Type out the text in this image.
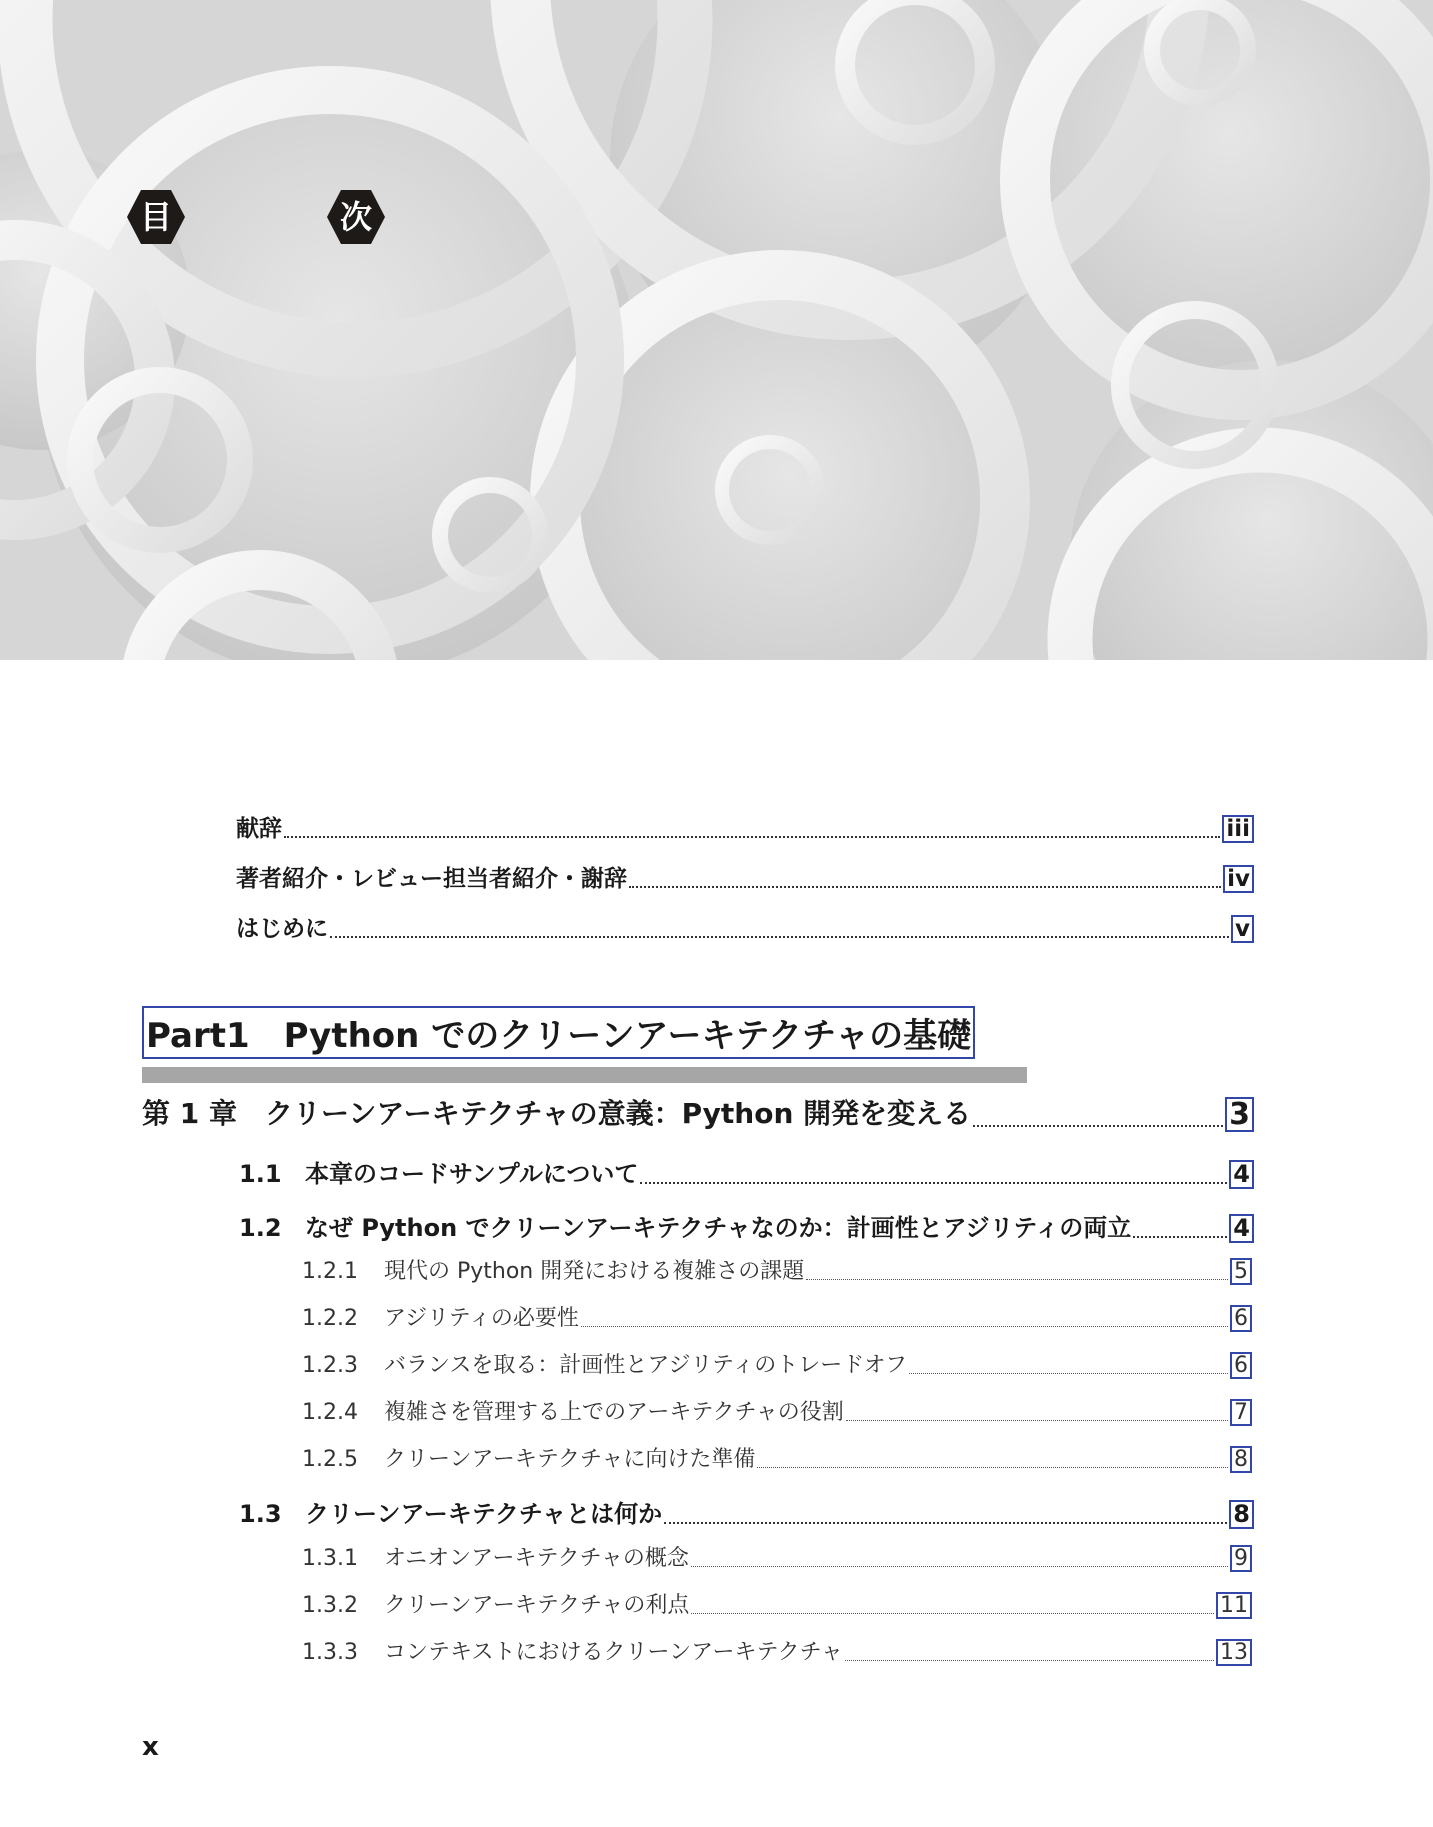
目	次
献辞	iii
著者紹介・レビュー担当者紹介・謝辞	iv
はじめに	v
Part1　Python でのクリーンアーキテクチャの基礎
第 1 章　クリーンアーキテクチャの意義：Python 開発を変える	3
1.1 本章のコードサンプルについて	4
1.2 なぜ Python でクリーンアーキテクチャなのか：計画性とアジリティの両立	4
1.2.1 現代の Python 開発における複雑さの課題	5
1.2.2 アジリティの必要性	6
1.2.3 バランスを取る：計画性とアジリティのトレードオフ	6
1.2.4 複雑さを管理する上でのアーキテクチャの役割	7
1.2.5 クリーンアーキテクチャに向けた準備	8
1.3 クリーンアーキテクチャとは何か	8
1.3.1 オニオンアーキテクチャの概念	9
1.3.2 クリーンアーキテクチャの利点	11
1.3.3 コンテキストにおけるクリーンアーキテクチャ	13
x
